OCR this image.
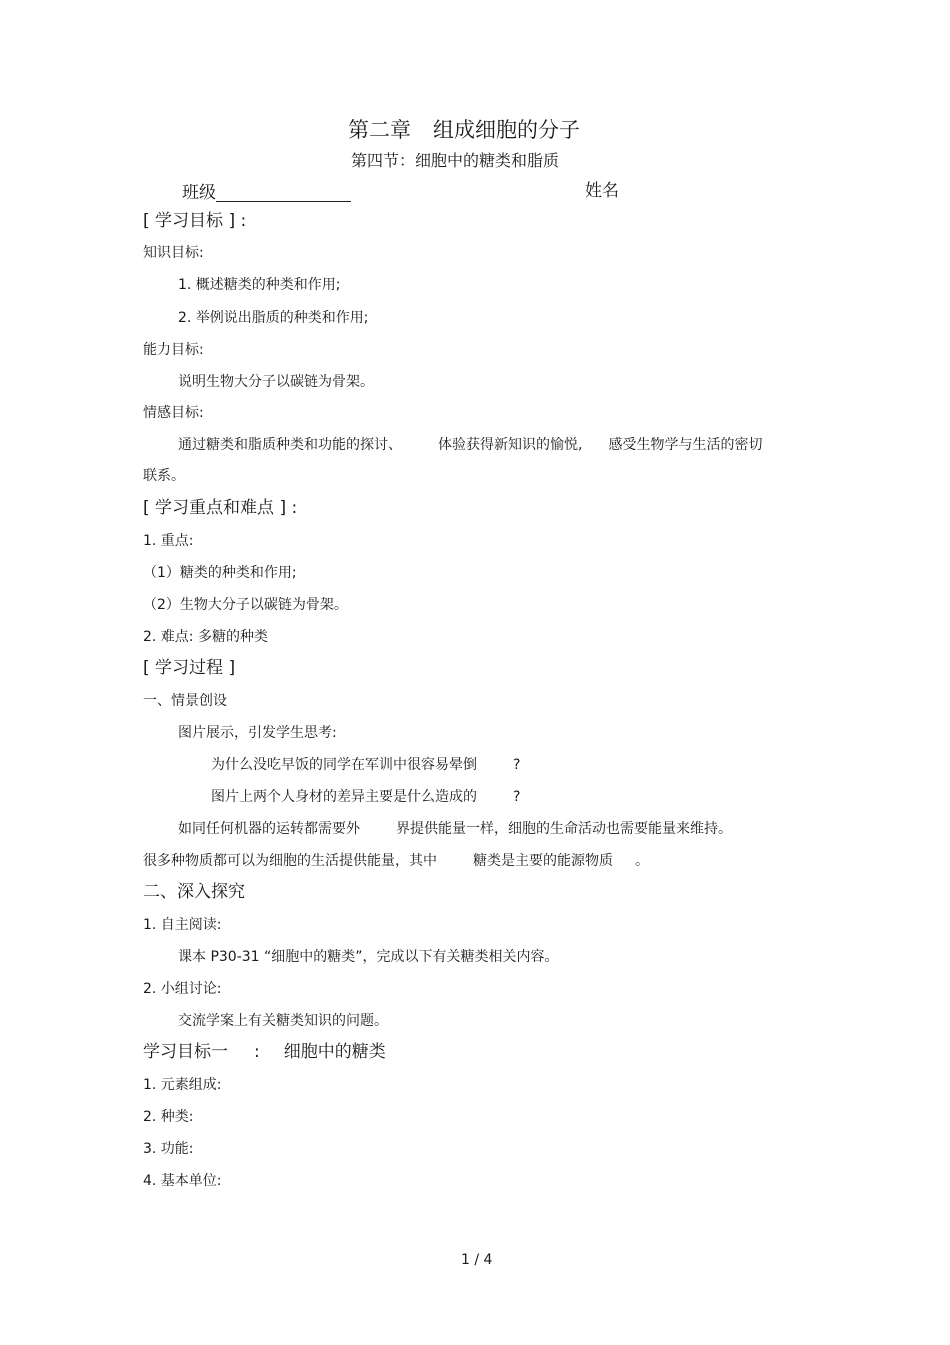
第二章 组成细胞的分子
第四节：细胞中的糖类和脂质
班级	姓名
[ 学习目标 ] :
知识目标:
1. 概述糖类的种类和作用;
2. 举例说出脂质的种类和作用;
能力目标:
说明生物大分子以碳链为骨架。
情感目标:
通过糖类和脂质种类和功能的探讨、	体验获得新知识的愉悦, 感受生物学与生活的密切
联系。
[ 学习重点和难点 ] :
1. 重点:
（1）糖类的种类和作用;
（2）生物大分子以碳链为骨架。
2. 难点: 多糖的种类
[ 学习过程 ]
一、情景创设
图片展示，引发学生思考:
为什么没吃早饭的同学在军训中很容易晕倒	?
图片上两个人身材的差异主要是什么造成的	?
如同任何机器的运转都需要外	界提供能量一样，细胞的生命活动也需要能量来维持。
很多种物质都可以为细胞的生活提供能量，其中	糖类是主要的能源物质 。
二、深入探究
1. 自主阅读:
课本 P30-31 “细胞中的糖类”，完成以下有关糖类相关内容。
2. 小组讨论:
交流学案上有关糖类知识的问题。
学习目标一 : 细胞中的糖类
1. 元素组成:
2. 种类:
3. 功能:
4. 基本单位:
1 / 4
